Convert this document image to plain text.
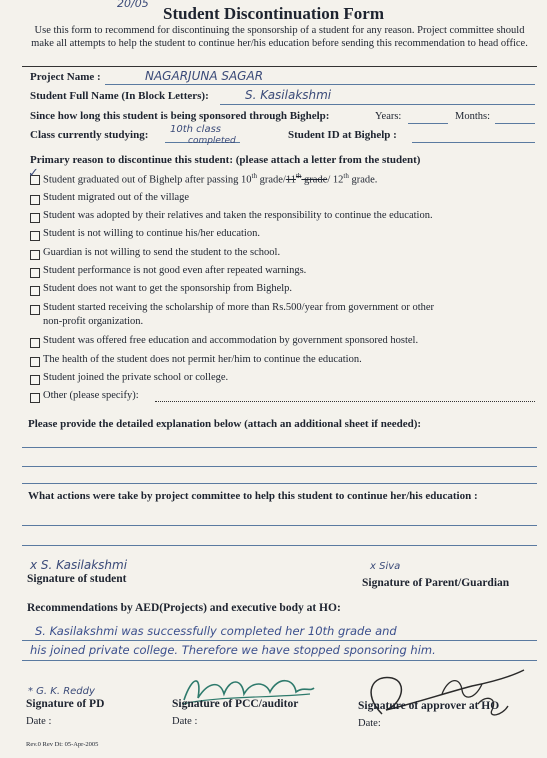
20/05
Student Discontinuation Form
Use this form to recommend for discontinuing the sponsorship of a student for any reason. Project committee should make all attempts to help the student to continue her/his education before sending this recommendation to head office.
Project Name :	NAGARJUNA SAGAR
Student Full Name (In Block Letters):	S. Kasilakshmi
Since how long this student is being sponsored through Bighelp:	Years:	Months:
Class currently studying: 10th class
completed	Student ID at Bighelp :
Primary reason to discontinue this student: (please attach a letter from the student)
✓ Student graduated out of Bighelp after passing 10th grade/11th grade/ 12th grade.
Student migrated out of the village
Student was adopted by their relatives and taken the responsibility to continue the education.
Student is not willing to continue his/her education.
Guardian is not willing to send the student to the school.
Student performance is not good even after repeated warnings.
Student does not want to get the sponsorship from Bighelp.
Student started receiving the scholarship of more than Rs.500/year from government or other
non-profit organization.
Student was offered free education and accommodation by government sponsored hostel.
The health of the student does not permit her/him to continue the education.
Student joined the private school or college.
Other (please specify):
Please provide the detailed explanation below (attach an additional sheet if needed):
What actions were take by project committee to help this student to continue her/his education :
x S. Kasilakshmi
Signature of student
x Siva
Signature of Parent/Guardian
Recommendations by AED(Projects) and executive body at HO:
S. Kasilakshmi was successfully completed her 10th grade and
his joined private college. Therefore we have stopped sponsoring him.
* G. K. Reddy
Signature of PD
Date :
Signature of PCC/auditor
Date :
Signature of approver at HO
Date:
Rev.0 Rev Dt: 05-Apr-2005
